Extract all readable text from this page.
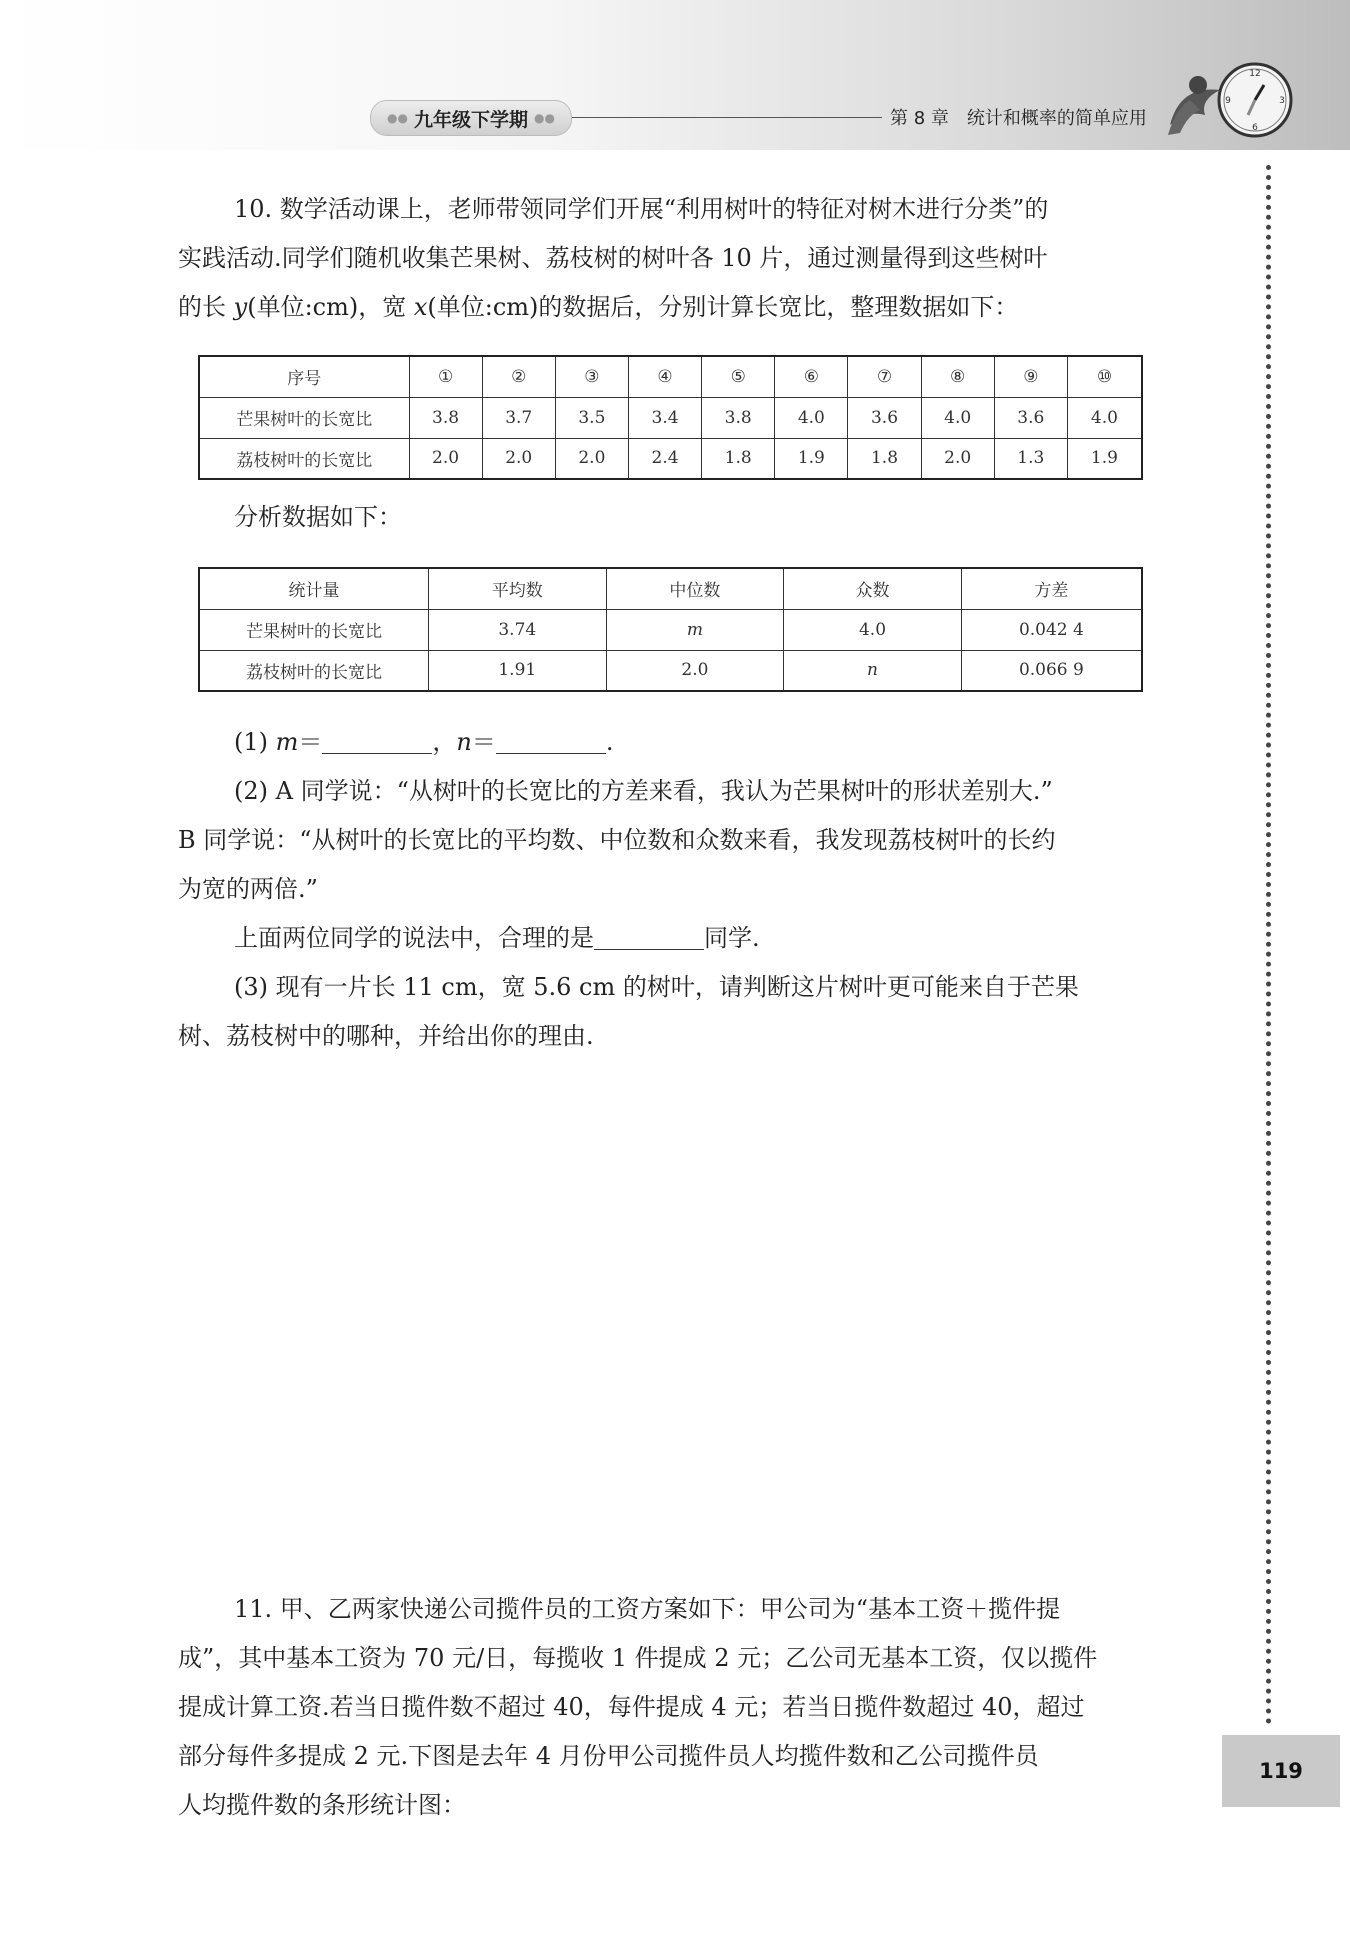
●● 九年级下学期 ●●	第 8 章 统计和概率的简单应用
12
3
6
9
119
10. 数学活动课上，老师带领同学们开展“利用树叶的特征对树木进行分类”的
实践活动.同学们随机收集芒果树、荔枝树的树叶各 10 片，通过测量得到这些树叶
的长 y(单位:cm)，宽 x(单位:cm)的数据后，分别计算长宽比，整理数据如下：
序号	①	②	③	④	⑤	⑥	⑦	⑧	⑨	⑩
芒果树叶的长宽比	3.8	3.7	3.5	3.4	3.8	4.0	3.6	4.0	3.6	4.0
荔枝树叶的长宽比	2.0	2.0	2.0	2.4	1.8	1.9	1.8	2.0	1.3	1.9
分析数据如下：
统计量	平均数	中位数	众数	方差
芒果树叶的长宽比	3.74	m	4.0	0.042 4
荔枝树叶的长宽比	1.91	2.0	n	0.066 9
(1) m＝	，n＝	.
(2) A 同学说：“从树叶的长宽比的方差来看，我认为芒果树叶的形状差别大.”
B 同学说：“从树叶的长宽比的平均数、中位数和众数来看，我发现荔枝树叶的长约
为宽的两倍.”
上面两位同学的说法中，合理的是	同学.
(3) 现有一片长 11 cm，宽 5.6 cm 的树叶，请判断这片树叶更可能来自于芒果
树、荔枝树中的哪种，并给出你的理由.
11. 甲、乙两家快递公司揽件员的工资方案如下：甲公司为“基本工资＋揽件提
成”，其中基本工资为 70 元/日，每揽收 1 件提成 2 元；乙公司无基本工资，仅以揽件
提成计算工资.若当日揽件数不超过 40，每件提成 4 元；若当日揽件数超过 40，超过
部分每件多提成 2 元.下图是去年 4 月份甲公司揽件员人均揽件数和乙公司揽件员
人均揽件数的条形统计图：
